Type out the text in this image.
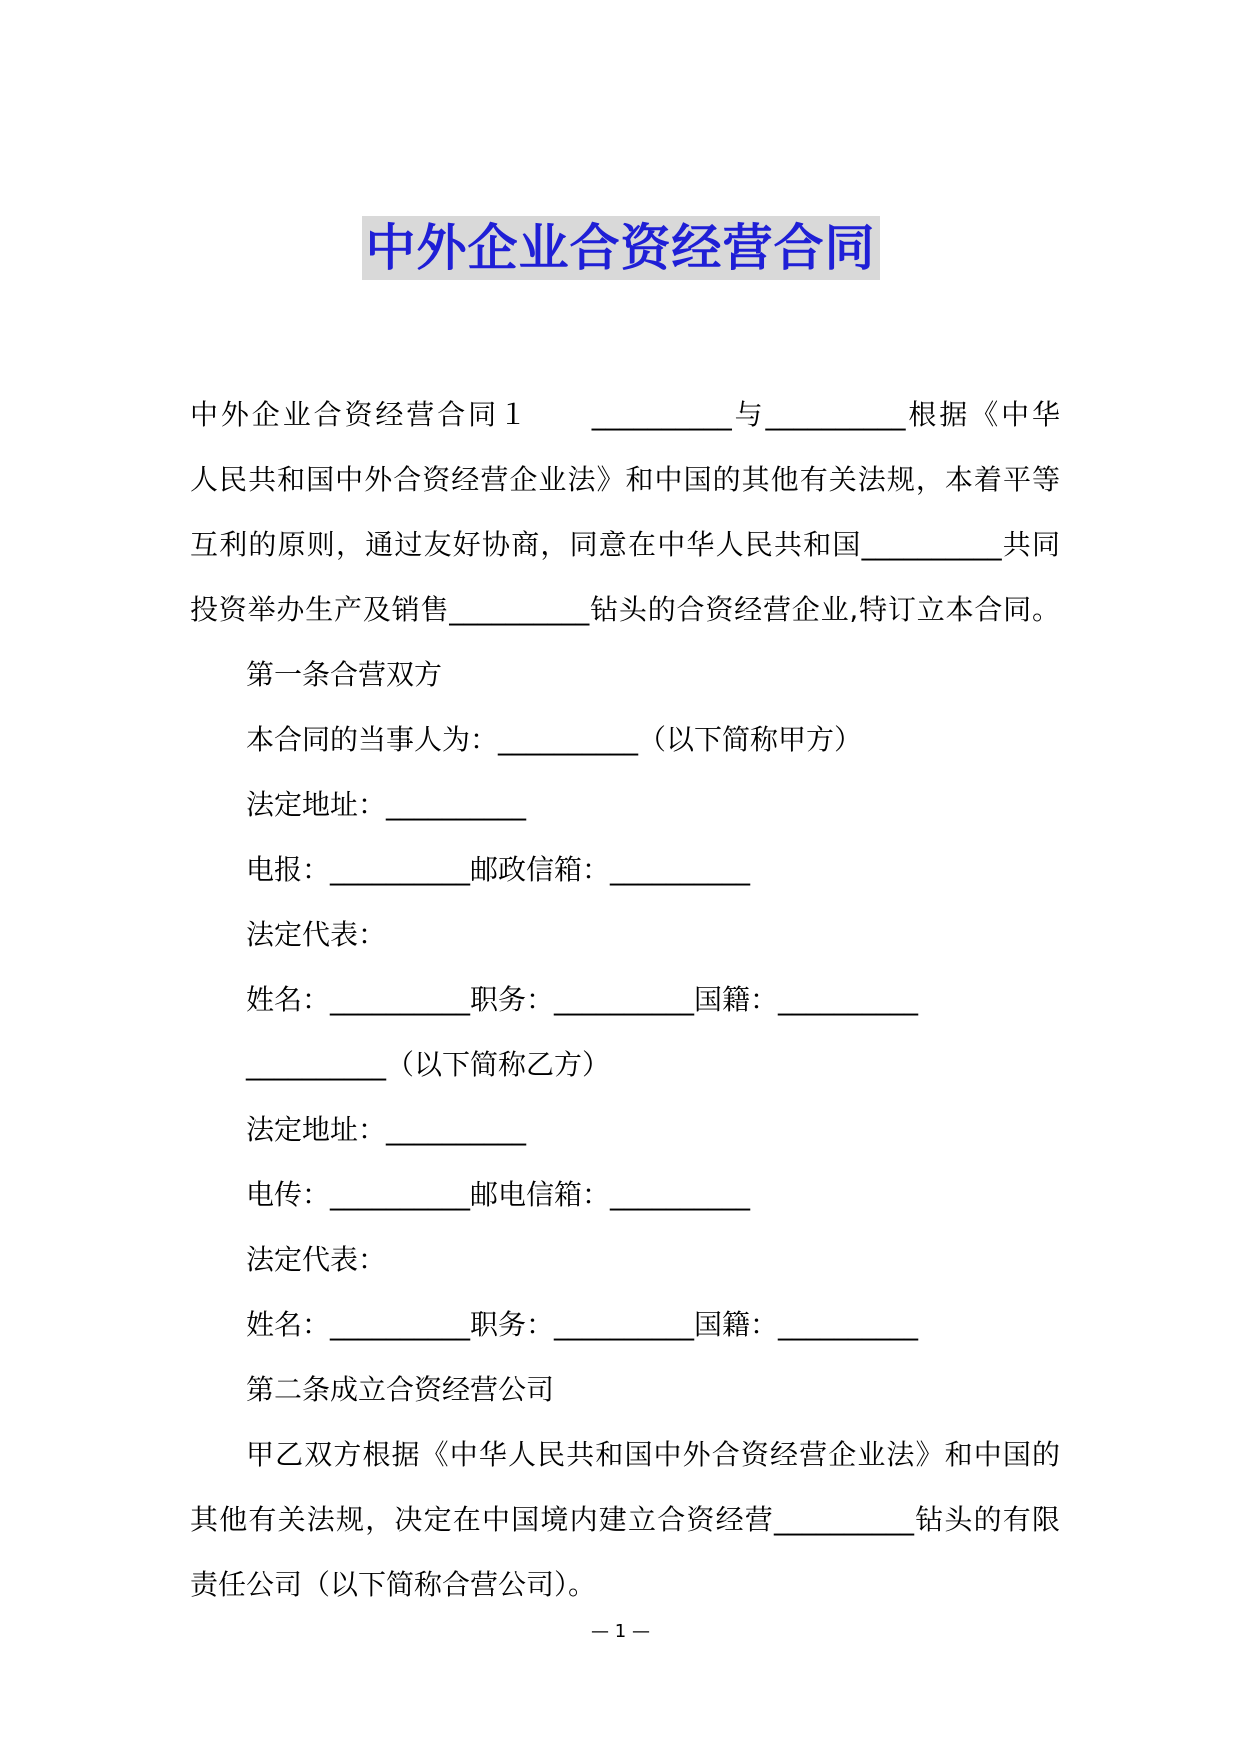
中外企业合资经营合同

中外企业合资经营合同１　　__________与__________根据《中华

人民共和国中外合资经营企业法》和中国的其他有关法规，本着平等

互利的原则，通过友好协商，同意在中华人民共和国__________共同

投资举办生产及销售__________钻头的合资经营企业,特订立本合同。

第一条合营双方

本合同的当事人为：__________（以下简称甲方）

法定地址：__________

电报：__________邮政信箱：__________

法定代表：

姓名：__________职务：__________国籍：__________

__________（以下简称乙方）

法定地址：__________

电传：__________邮电信箱：__________

法定代表：

姓名：__________职务：__________国籍：__________

第二条成立合资经营公司

甲乙双方根据《中华人民共和国中外合资经营企业法》和中国的

其他有关法规，决定在中国境内建立合资经营__________钻头的有限

责任公司（以下简称合营公司）。

— 1 —
